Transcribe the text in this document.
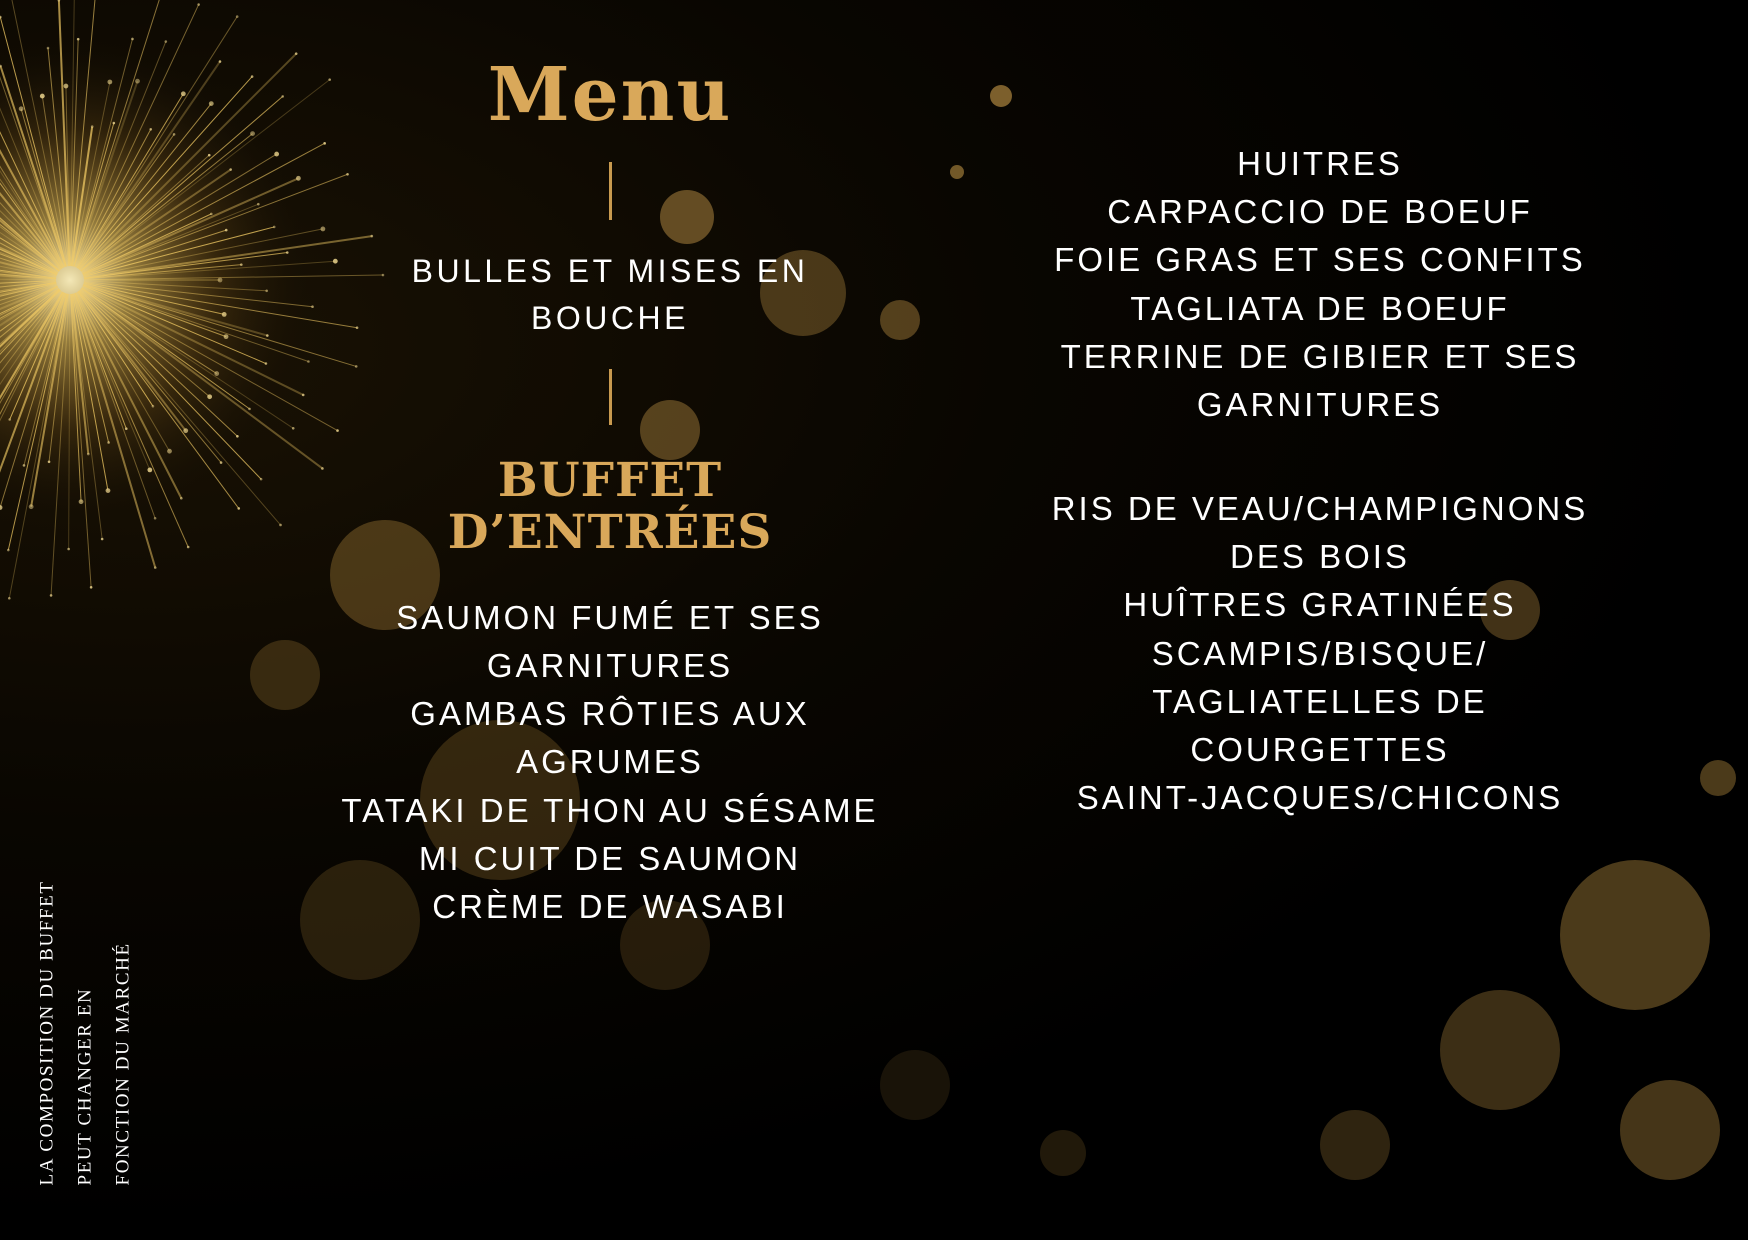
LA COMPOSITION DU BUFFET PEUT CHANGER EN FONCTION DU MARCHÉ
Menu
BULLES ET MISES EN BOUCHE
BUFFET D’ENTRÉES
SAUMON FUMÉ ET SES GARNITURES
GAMBAS RÔTIES AUX AGRUMES
TATAKI DE THON AU SÉSAME
MI CUIT DE SAUMON
CRÈME DE WASABI
HUITRES
CARPACCIO DE BOEUF
FOIE GRAS ET SES CONFITS
TAGLIATA DE BOEUF
TERRINE DE GIBIER ET SES GARNITURES
RIS DE VEAU/CHAMPIGNONS DES BOIS
HUÎTRES GRATINÉES
SCAMPIS/BISQUE/
TAGLIATELLES DE COURGETTES
SAINT-JACQUES/CHICONS
